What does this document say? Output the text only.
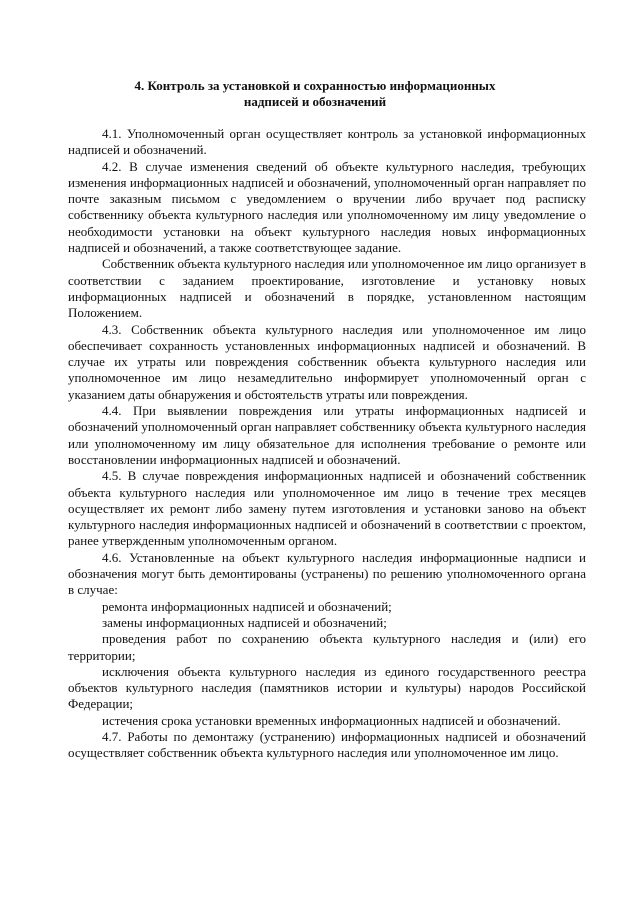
4. Контроль за установкой и сохранностью информационных
надписей и обозначений

4.1. Уполномоченный орган осуществляет контроль за установкой информационных надписей и обозначений.

4.2. В случае изменения сведений об объекте культурного наследия, требующих изменения информационных надписей и обозначений, уполномоченный орган направляет по почте заказным письмом с уведомлением о вручении либо вручает под расписку собственнику объекта культурного наследия или уполномоченному им лицу уведомление о необходимости установки на объект культурного наследия новых информационных надписей и обозначений, а также соответствующее задание.

Собственник объекта культурного наследия или уполномоченное им лицо организует в соответствии с заданием проектирование, изготовление и установку новых информационных надписей и обозначений в порядке, установленном настоящим Положением.

4.3. Собственник объекта культурного наследия или уполномоченное им лицо обеспечивает сохранность установленных информационных надписей и обозначений. В случае их утраты или повреждения собственник объекта культурного наследия или уполномоченное им лицо незамедлительно информирует уполномоченный орган с указанием даты обнаружения и обстоятельств утраты или повреждения.

4.4. При выявлении повреждения или утраты информационных надписей и обозначений уполномоченный орган направляет собственнику объекта культурного наследия или уполномоченному им лицу обязательное для исполнения требование о ремонте или восстановлении информационных надписей и обозначений.

4.5. В случае повреждения информационных надписей и обозначений собственник объекта культурного наследия или уполномоченное им лицо в течение трех месяцев осуществляет их ремонт либо замену путем изготовления и установки заново на объект культурного наследия информационных надписей и обозначений в соответствии с проектом, ранее утвержденным уполномоченным органом.

4.6. Установленные на объект культурного наследия информационные надписи и обозначения могут быть демонтированы (устранены) по решению уполномоченного органа в случае:

ремонта информационных надписей и обозначений;

замены информационных надписей и обозначений;

проведения работ по сохранению объекта культурного наследия и (или) его территории;

исключения объекта культурного наследия из единого государственного реестра объектов культурного наследия (памятников истории и культуры) народов Российской Федерации;

истечения срока установки временных информационных надписей и обозначений.

4.7. Работы по демонтажу (устранению) информационных надписей и обозначений осуществляет собственник объекта культурного наследия или уполномоченное им лицо.
